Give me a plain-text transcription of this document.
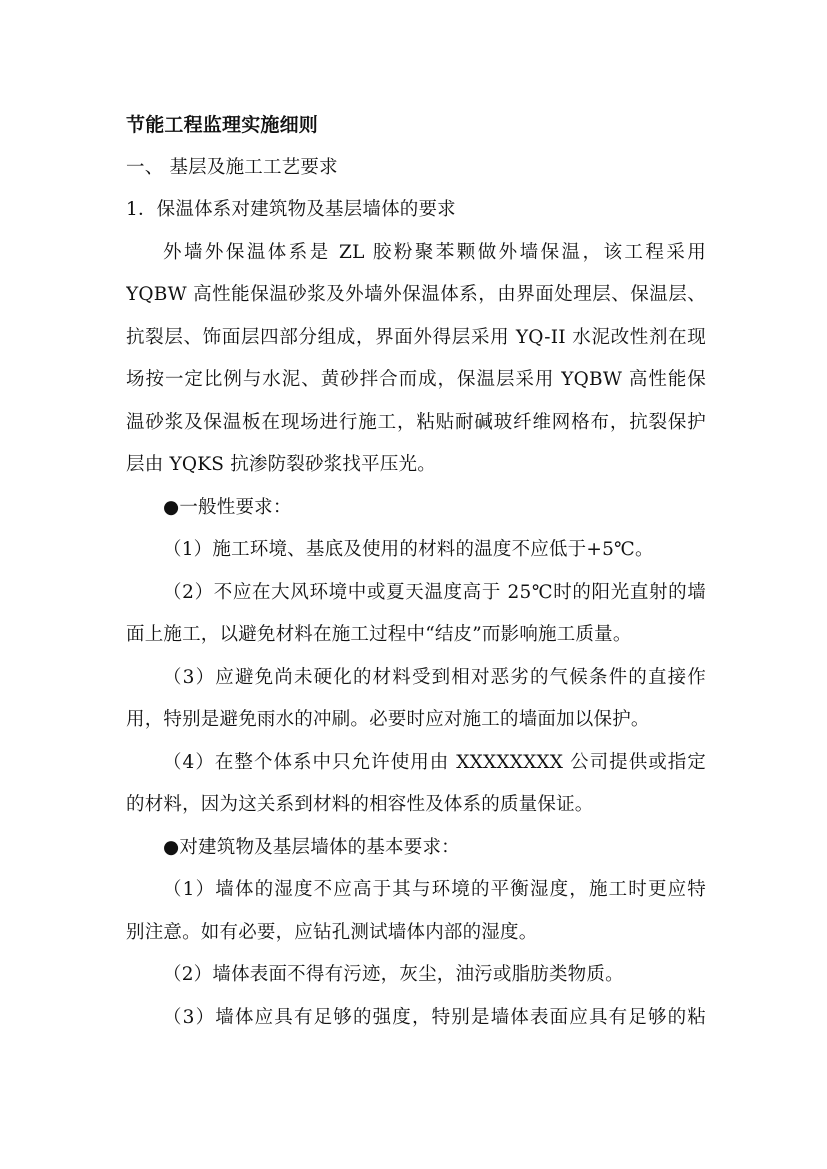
节能工程监理实施细则
一、 基层及施工工艺要求
1．保温体系对建筑物及基层墙体的要求
外墙外保温体系是 ZL 胶粉聚苯颗做外墙保温，该工程采用
YQBW 高性能保温砂浆及外墙外保温体系，由界面处理层、保温层、
抗裂层、饰面层四部分组成，界面外得层采用 YQ-II 水泥改性剂在现
场按一定比例与水泥、黄砂拌合而成，保温层采用 YQBW 高性能保
温砂浆及保温板在现场进行施工，粘贴耐碱玻纤维网格布，抗裂保护
层由 YQKS 抗渗防裂砂浆找平压光。
●一般性要求：
（1）施工环境、基底及使用的材料的温度不应低于+5℃。
（2）不应在大风环境中或夏天温度高于 25℃时的阳光直射的墙
面上施工，以避免材料在施工过程中“结皮”而影响施工质量。
（3）应避免尚未硬化的材料受到相对恶劣的气候条件的直接作
用，特别是避免雨水的冲刷。必要时应对施工的墙面加以保护。
（4）在整个体系中只允许使用由 XXXXXXXX 公司提供或指定
的材料，因为这关系到材料的相容性及体系的质量保证。
●对建筑物及基层墙体的基本要求：
（1）墙体的湿度不应高于其与环境的平衡湿度，施工时更应特
别注意。如有必要，应钻孔测试墙体内部的湿度。
（2）墙体表面不得有污迹，灰尘，油污或脂肪类物质。
（3）墙体应具有足够的强度，特别是墙体表面应具有足够的粘
